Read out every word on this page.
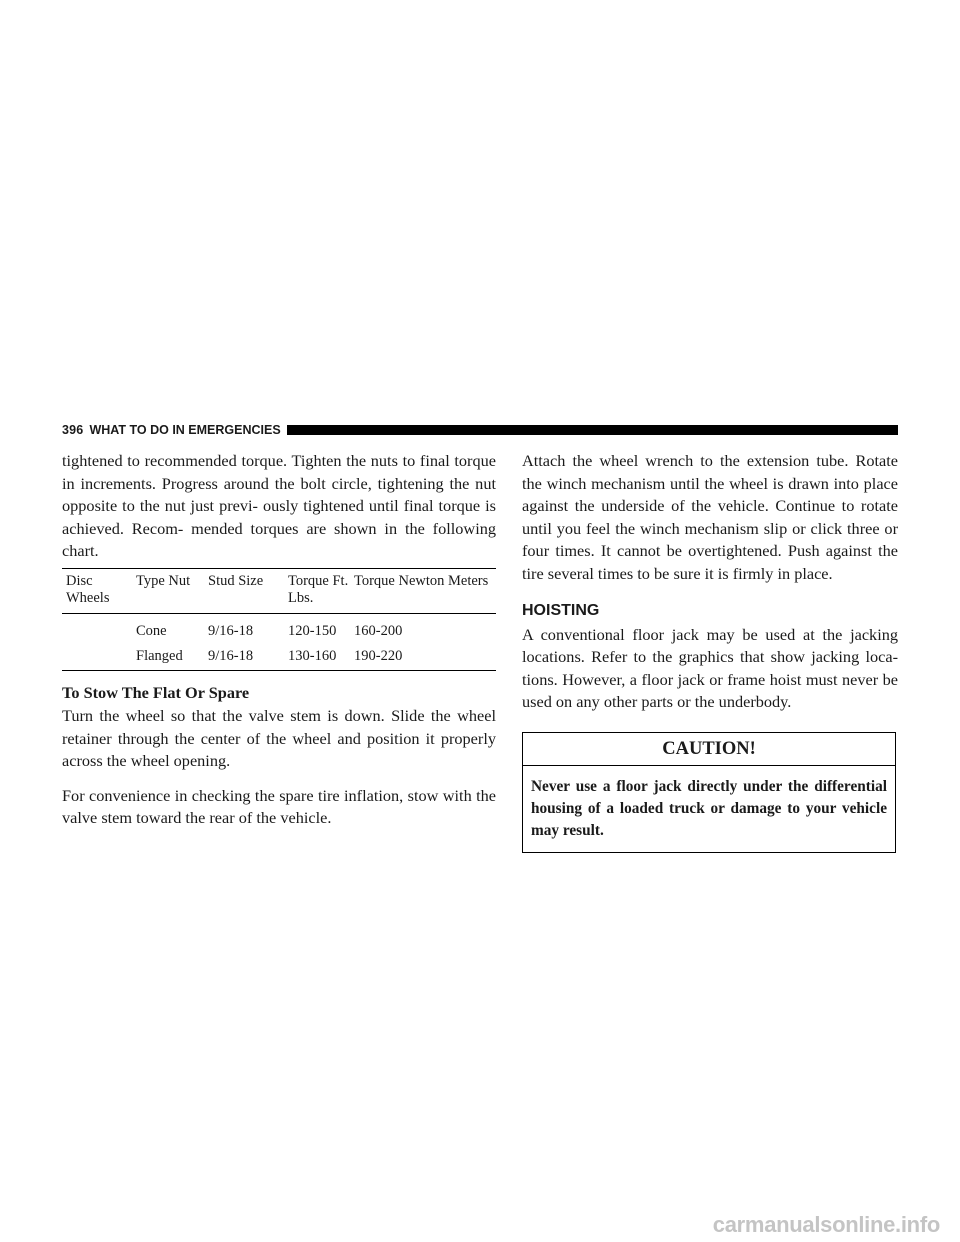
396 WHAT TO DO IN EMERGENCIES

tightened to recommended torque. Tighten the nuts to final torque in increments. Progress around the bolt circle, tightening the nut opposite to the nut just previ- ously tightened until final torque is achieved. Recom- mended torques are shown in the following chart.

Disc Wheels	Type Nut	Stud Size	Torque Ft. Lbs.	Torque Newton Meters
	Cone	9/16-18	120-150	160-200
	Flanged	9/16-18	130-160	190-220
To Stow The Flat Or Spare

Turn the wheel so that the valve stem is down. Slide the wheel retainer through the center of the wheel and position it properly across the wheel opening.

For convenience in checking the spare tire inflation, stow with the valve stem toward the rear of the vehicle.

Attach the wheel wrench to the extension tube. Rotate the winch mechanism until the wheel is drawn into place against the underside of the vehicle. Continue to rotate until you feel the winch mechanism slip or click three or four times. It cannot be overtightened. Push against the tire several times to be sure it is firmly in place.

HOISTING

A conventional floor jack may be used at the jacking locations. Refer to the graphics that show jacking loca- tions. However, a floor jack or frame hoist must never be used on any other parts or the underbody.

CAUTION!
Never use a floor jack directly under the differential housing of a loaded truck or damage to your vehicle may result.
carmanualsonline.info
